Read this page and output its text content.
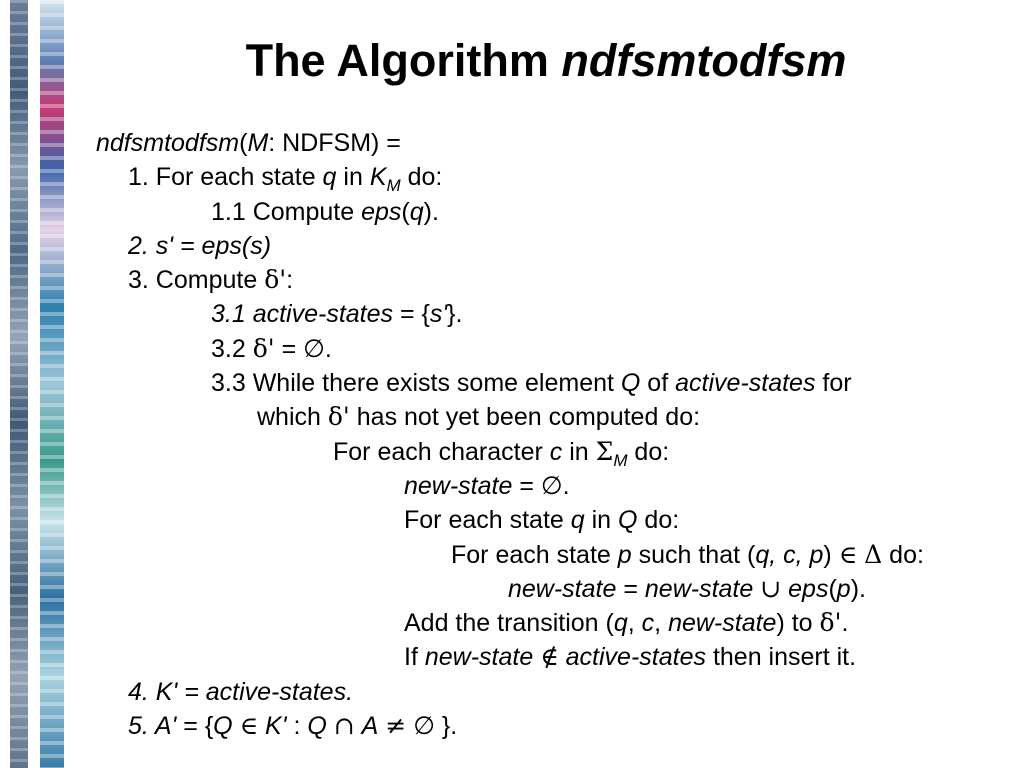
The Algorithm ndfsmtodfsm
ndfsmtodfsm(M: NDFSM) =
1. For each state q in $K_M$ do:
1.1 Compute eps(q).
2. s' = eps(s)
3. Compute δ':
3.1 active-states = {s'}.
3.2 δ' = ∅.
3.3 While there exists some element Q of active-states for
which δ' has not yet been computed do:
For each character c in $\Sigma_M$ do:
new-state = ∅.
For each state q in Q do:
For each state p such that (q, c, p) ∈ Δ do:
new-state = new-state ∪ eps(p).
Add the transition (q, c, new-state) to δ'.
If new-state ∉ active-states then insert it.
4. K' = active-states.
5. A' = {Q ∈ K' : Q ∩ A ≠ ∅ }.
